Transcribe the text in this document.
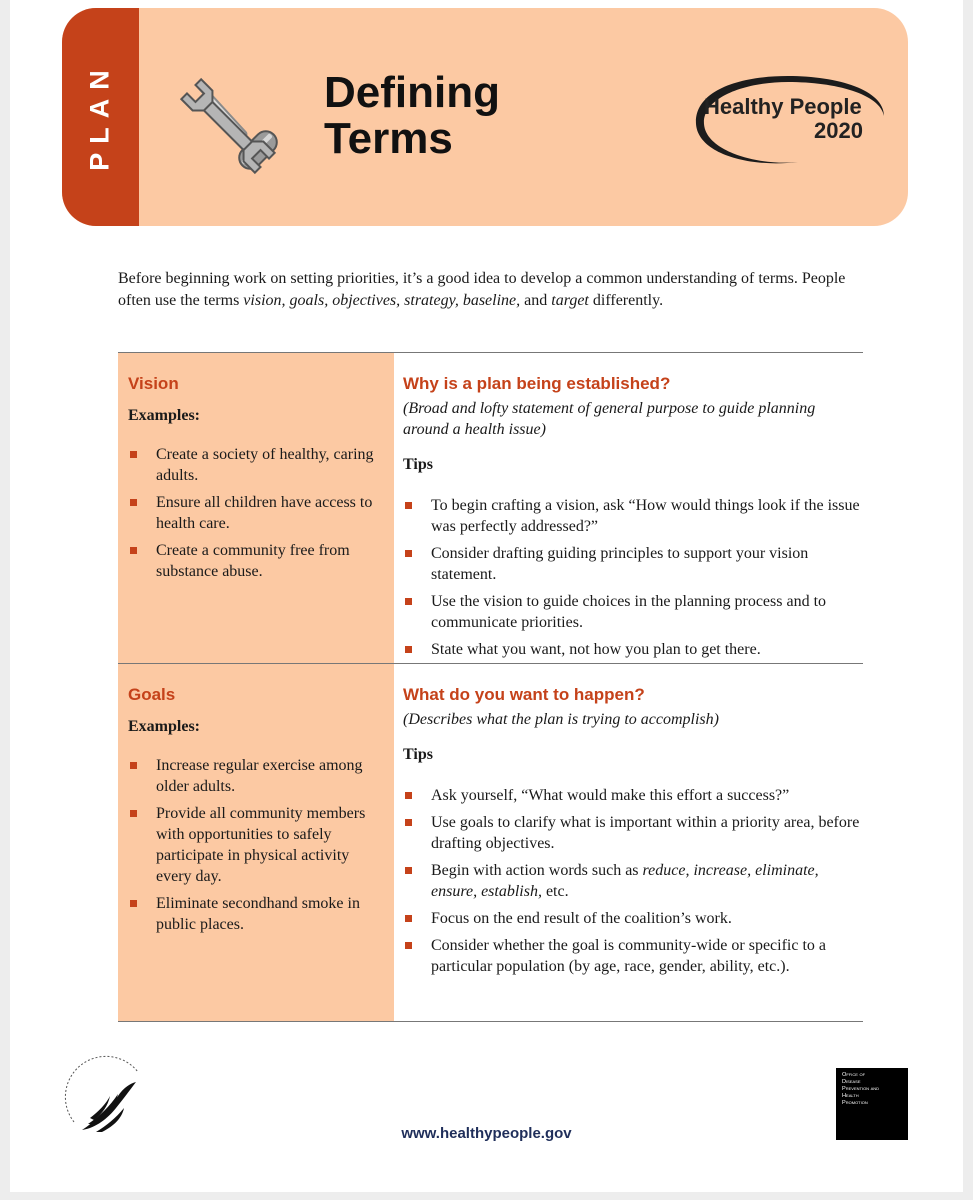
PLAN	Defining
Terms
Healthy People
2020
Before beginning work on setting priorities, it’s a good idea to develop a common understanding of terms. People often use the terms vision, goals, objectives, strategy, baseline, and target differently.
Vision
Examples:
Create a society of healthy, caring adults.
Ensure all children have access to health care.
Create a community free from substance abuse.
Why is a plan being established?
(Broad and lofty statement of general purpose to guide planning around a health issue)
Tips
To begin crafting a vision, ask “How would things look if the issue was perfectly addressed?”
Consider drafting guiding principles to support your vision statement.
Use the vision to guide choices in the planning process and to communicate priorities.
State what you want, not how you plan to get there.
Goals
Examples:
Increase regular exercise among older adults.
Provide all community members with opportunities to safely participate in physical activity every day.
Eliminate secondhand smoke in public places.
What do you want to happen?
(Describes what the plan is trying to accomplish)
Tips
Ask yourself, “What would make this effort a success?”
Use goals to clarify what is important within a priority area, before drafting objectives.
Begin with action words such as reduce, increase, eliminate, ensure, establish, etc.
Focus on the end result of the coalition’s work.
Consider whether the goal is community-wide or specific to a particular population (by age, race, gender, ability, etc.).
www.healthypeople.gov
Office of
Disease
Prevention and
Health
Promotion
